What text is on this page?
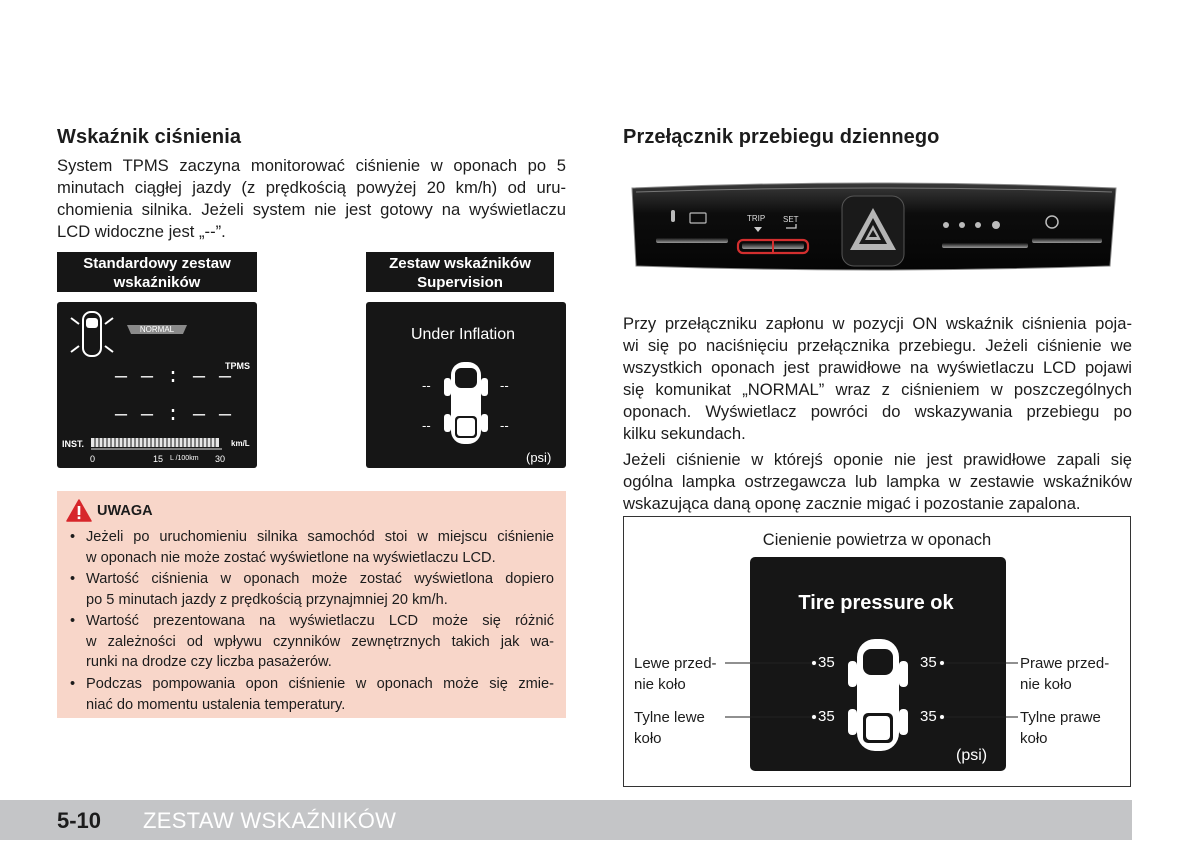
Wskaźnik ciśnienia
System TPMS zaczyna monitorować ciśnienie w oponach po 5
minutach ciągłej jazdy (z prędkością powyżej 20 km/h) od uru-
chomienia silnika. Jeżeli system nie jest gotowy na wyświetlaczu
LCD widoczne jest „--”.
Standardowy zestaw
wskaźników
Zestaw wskaźników
Supervision
NORMAL
TPMS
— — : — —
— — : — —
INST.	km/L
0	15 L /100km 30
Under Inflation
--	--
--	--
(psi)
UWAGA
• Jeżeli po uruchomieniu silnika samochód stoi w miejscu ciśnienie
w oponach nie może zostać wyświetlone na wyświetlaczu LCD.
• Wartość ciśnienia w oponach może zostać wyświetlona dopiero
po 5 minutach jazdy z prędkością przynajmniej 20 km/h.
• Wartość prezentowana na wyświetlaczu LCD może się różnić
w zależności od wpływu czynników zewnętrznych takich jak wa-
runki na drodze czy liczba pasażerów.
• Podczas pompowania opon ciśnienie w oponach może się zmie-
niać do momentu ustalenia temperatury.
Przełącznik przebiegu dziennego
TRIP SET
Przy przełączniku zapłonu w pozycji ON wskaźnik ciśnienia poja-
wi się po naciśnięciu przełącznika przebiegu. Jeżeli ciśnienie we
wszystkich oponach jest prawidłowe na wyświetlaczu LCD pojawi
się komunikat „NORMAL” wraz z ciśnieniem w poszczególnych
oponach. Wyświetlacz powróci do wskazywania przebiegu po
kilku sekundach.
Jeżeli ciśnienie w którejś oponie nie jest prawidłowe zapali się
ogólna lampka ostrzegawcza lub lampka w zestawie wskaźników
wskazująca daną oponę zacznie migać i pozostanie zapalona.
Cienienie powietrza w oponach
Tire pressure ok
35	35
35	35
(psi)
Lewe przed-
nie koło
Tylne lewe
koło
Prawe przed-
nie koło
Tylne prawe
koło
5-10 ZESTAW WSKAŹNIKÓW
